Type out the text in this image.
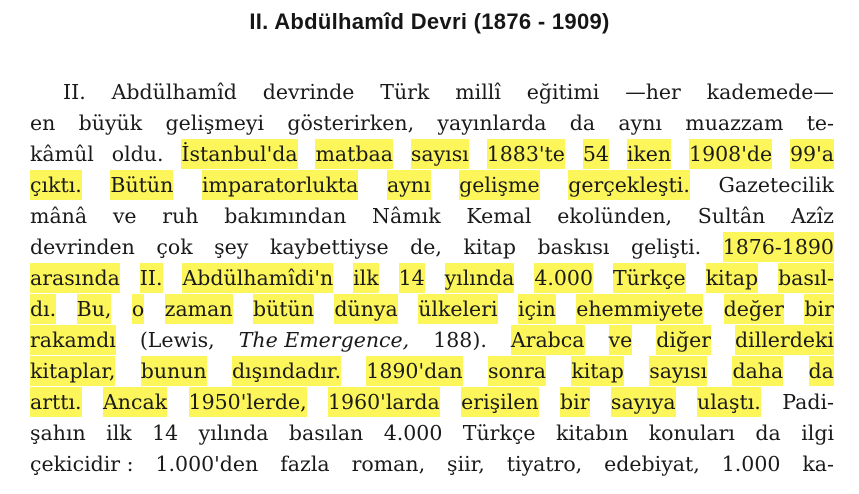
II. Abdülhamîd Devri (1876 - 1909)
II. Abdülhamîd devrinde Türk millî eğitimi —her kademede—
en büyük gelişmeyi gösterirken, yayınlarda da aynı muazzam te-
kâmûl oldu. İstanbul'da matbaa sayısı 1883'te 54 iken 1908'de 99'a
çıktı. Bütün imparatorlukta aynı gelişme gerçekleşti. Gazetecilik
mânâ ve ruh bakımından Nâmık Kemal ekolünden, Sultân Azîz
devrinden çok şey kaybettiyse de, kitap baskısı gelişti. 1876-1890
arasında II. Abdülhamîdi'n ilk 14 yılında 4.000 Türkçe kitap basıl-
dı. Bu, o zaman bütün dünya ülkeleri için ehemmiyete değer bir
rakamdı (Lewis, The Emergence, 188). Arabca ve diğer dillerdeki
kitaplar, bunun dışındadır. 1890'dan sonra kitap sayısı daha da
arttı. Ancak 1950'lerde, 1960'larda erişilen bir sayıya ulaştı. Padi-
şahın ilk 14 yılında basılan 4.000 Türkçe kitabın konuları da ilgi
çekicidir : 1.000'den fazla roman, şiir, tiyatro, edebiyat, 1.000 ka-
